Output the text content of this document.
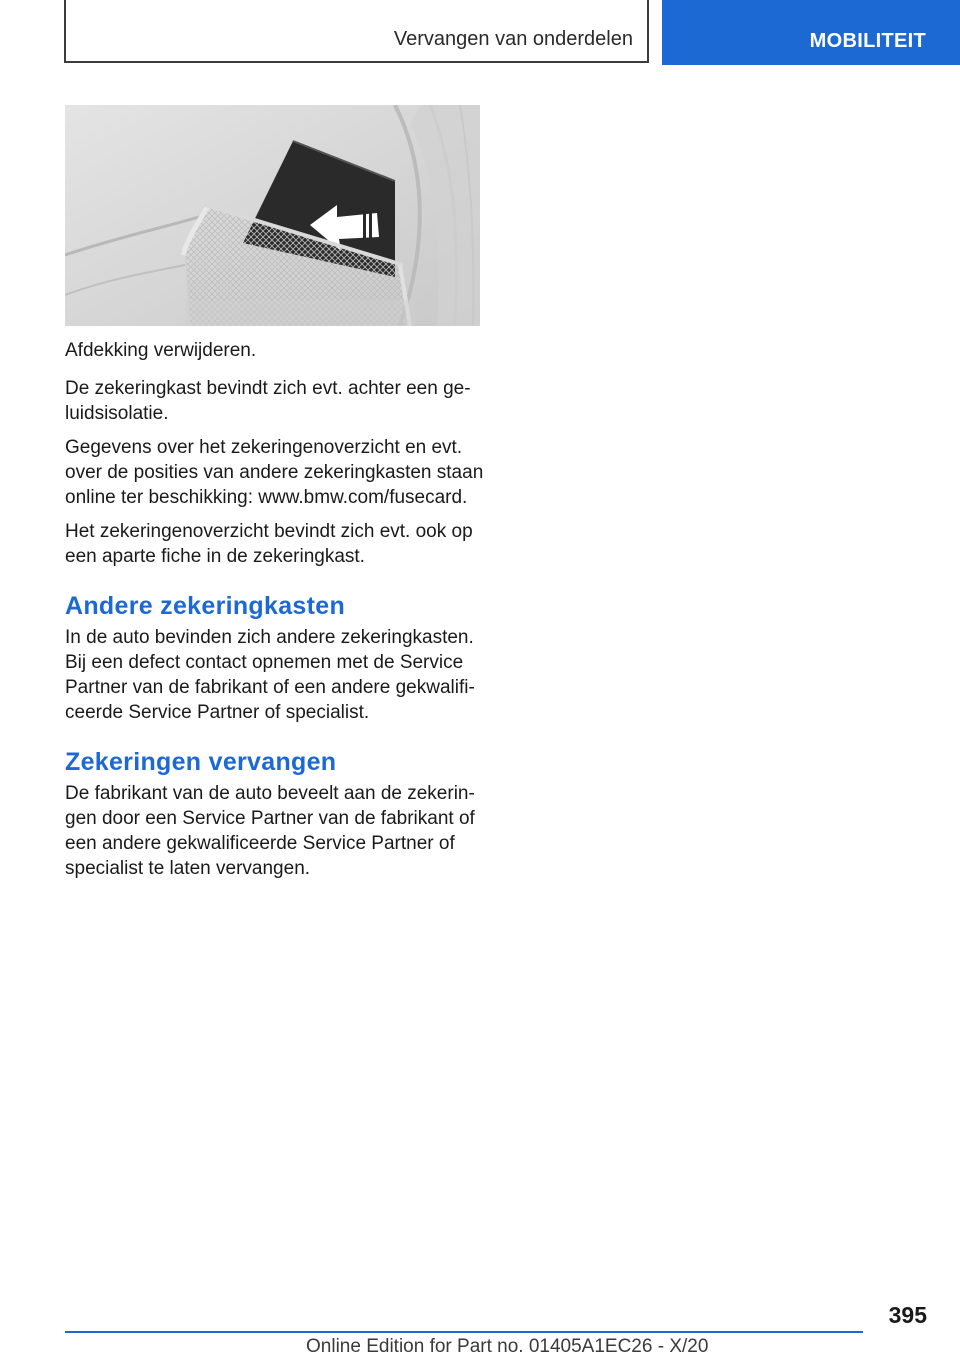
Vervangen van onderdelen	MOBILITEIT

Afdekking verwijderen.

De zekeringkast bevindt zich evt. achter een ge-luidsisolatie.

Gegevens over het zekeringenoverzicht en evt. over de posities van andere zekeringkasten staan online ter beschikking: www.bmw.com/fusecard.

Het zekeringenoverzicht bevindt zich evt. ook op een aparte fiche in de zekeringkast.

Andere zekeringkasten

In de auto bevinden zich andere zekeringkasten. Bij een defect contact opnemen met de Service Partner van de fabrikant of een andere gekwalifi-ceerde Service Partner of specialist.

Zekeringen vervangen

De fabrikant van de auto beveelt aan de zekerin-gen door een Service Partner van de fabrikant of een andere gekwalificeerde Service Partner of specialist te laten vervangen.

395
Online Edition for Part no. 01405A1EC26 - X/20
